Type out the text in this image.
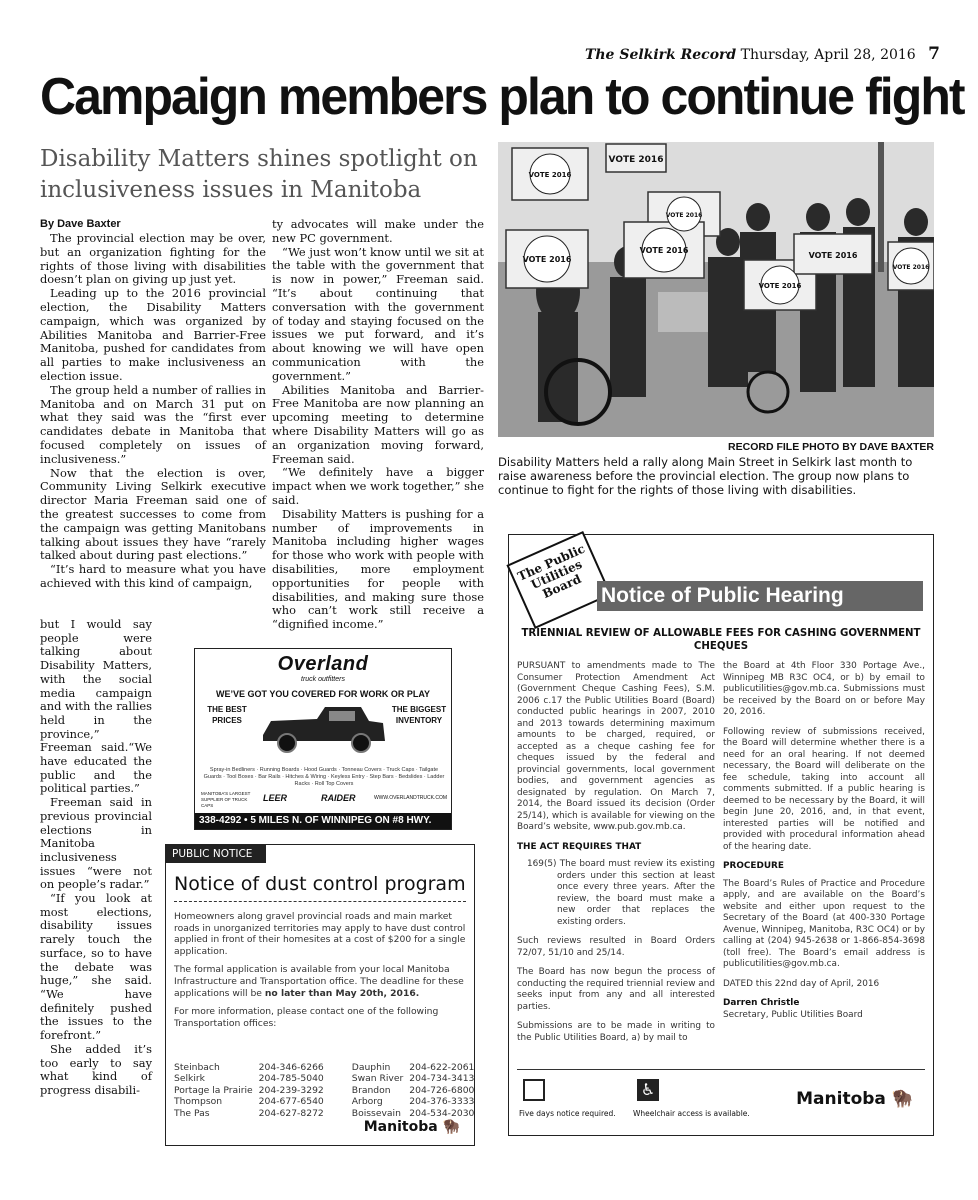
The Selkirk Record Thursday, April 28, 2016 7
Campaign members plan to continue fight
Disability Matters shines spotlight on inclusiveness issues in Manitoba
By Dave Baxter

The provincial election may be over, but an organization fighting for the rights of those living with disabilities doesn’t plan on giving up just yet.

Leading up to the 2016 provincial election, the Disability Matters campaign, which was organized by Abilities Manitoba and Barrier-Free Manitoba, pushed for candidates from all parties to make inclusiveness an election issue.

The group held a number of rallies in Manitoba and on March 31 put on what they said was the “first ever candidates debate in Manitoba that focused completely on issues of inclusiveness.”

Now that the election is over, Community Living Selkirk executive director Maria Freeman said one of the greatest successes to come from the campaign was getting Manitobans talking about issues they have “rarely talked about during past elections.”

“It’s hard to measure what you have achieved with this kind of campaign,

but I would say people were talking about Disability Matters, with the social media campaign and with the rallies held in the province,” Freeman said.“We have educated the public and the political parties.”

Freeman said in previous provincial elections in Manitoba inclusiveness issues “were not on people’s radar.”

“If you look at most elections, disability issues rarely touch the surface, so to have the debate was huge,” she said. “We have definitely pushed the issues to the forefront.”

She added it’s too early to say what kind of progress disabili-

ty advocates will make under the new PC government.

“We just won’t know until we sit at the table with the government that is now in power,” Freeman said. “It’s about continuing that conversation with the government of today and staying focused on the issues we put forward, and it’s about knowing we will have open communication with the government.”

Abilities Manitoba and Barrier-Free Manitoba are now planning an upcoming meeting to determine where Disability Matters will go as an organization moving forward, Freeman said.

“We definitely have a bigger impact when we work together,” she said.

Disability Matters is pushing for a number of improvements in Manitoba including higher wages for those who work with people with disabilities, more employment opportunities for people with disabilities, and making sure those who can’t work still receive a “dignified income.”

VOTE 2016
VOTE 2016
VOTE 2016
VOTE 2016
VOTE 2016
VOTE 2016
VOTE 2016
VOTE 2016
RECORD FILE PHOTO BY DAVE BAXTER
Disability Matters held a rally along Main Street in Selkirk last month to raise awareness before the provincial election. The group now plans to continue to fight for the rights of those living with disabilities.
Overland
truck outfitters
WE’VE GOT YOU COVERED FOR WORK OR PLAY
THE BEST PRICES
THE BIGGEST INVENTORY
Spray-in Bedliners · Running Boards · Hood Guards · Tonneau Covers · Truck Caps · Tailgate Guards · Tool Boxes · Bar Rails · Hitches & Wiring · Keyless Entry · Step Bars · Bedslides · Ladder Racks · Roll Top Covers
MANITOBA’S LARGEST SUPPLIER OF TRUCK CAPS
LEER	RAIDER	WWW.OVERLANDTRUCK.COM
338-4292 • 5 MILES N. OF WINNIPEG ON #8 HWY.
PUBLIC NOTICE
Notice of dust control program

Homeowners along gravel provincial roads and main market roads in unorganized territories may apply to have dust control applied in front of their homesites at a cost of $200 for a single application.

The formal application is available from your local Manitoba Infrastructure and Transportation office. The deadline for these applications will be no later than May 20th, 2016.

For more information, please contact one of the following Transportation offices:

Steinbach	204-346-6266	Dauphin	204-622-2061
Selkirk	204-785-5040	Swan River	204-734-3413
Portage la Prairie	204-239-3292	Brandon	204-726-6800
Thompson	204-677-6540	Arborg	204-376-3333
The Pas	204-627-8272	Boissevain	204-534-2030
Manitoba 🦬
The Public Utilities Board Notice of Public Hearing
TRIENNIAL REVIEW OF ALLOWABLE FEES FOR CASHING GOVERNMENT CHEQUES

PURSUANT to amendments made to The Consumer Protection Amendment Act (Government Cheque Cashing Fees), S.M. 2006 c.17 the Public Utilities Board (Board) conducted public hearings in 2007, 2010 and 2013 towards determining maximum amounts to be charged, required, or accepted as a cheque cashing fee for cheques issued by the federal and provincial governments, local government bodies, and government agencies as designated by regulation. On March 7, 2014, the Board issued its decision (Order 25/14), which is available for viewing on the Board’s website, www.pub.gov.mb.ca.

THE ACT REQUIRES THAT

169(5) The board must review its existing orders under this section at least once every three years. After the review, the board must make a new order that replaces the existing orders.

Such reviews resulted in Board Orders 72/07, 51/10 and 25/14.

The Board has now begun the process of conducting the required triennial review and seeks input from any and all interested parties.

Submissions are to be made in writing to the Public Utilities Board, a) by mail to

the Board at 4th Floor 330 Portage Ave., Winnipeg MB R3C OC4, or b) by email to publicutilities@gov.mb.ca. Submissions must be received by the Board on or before May 20, 2016.

Following review of submissions received, the Board will determine whether there is a need for an oral hearing. If not deemed necessary, the Board will deliberate on the fee schedule, taking into account all comments submitted. If a public hearing is deemed to be necessary by the Board, it will begin June 20, 2016, and, in that event, interested parties will be notified and provided with procedural information ahead of the hearing date.

PROCEDURE

The Board’s Rules of Practice and Procedure apply, and are available on the Board’s website and either upon request to the Secretary of the Board (at 400-330 Portage Avenue, Winnipeg, Manitoba, R3C OC4) or by calling at (204) 945-2638 or 1-866-854-3698 (toll free). The Board’s email address is publicutilities@gov.mb.ca.

DATED this 22nd day of April, 2016

Darren Christle
Secretary, Public Utilities Board
Five days notice required.
♿
Wheelchair access is available.
Manitoba 🦬
